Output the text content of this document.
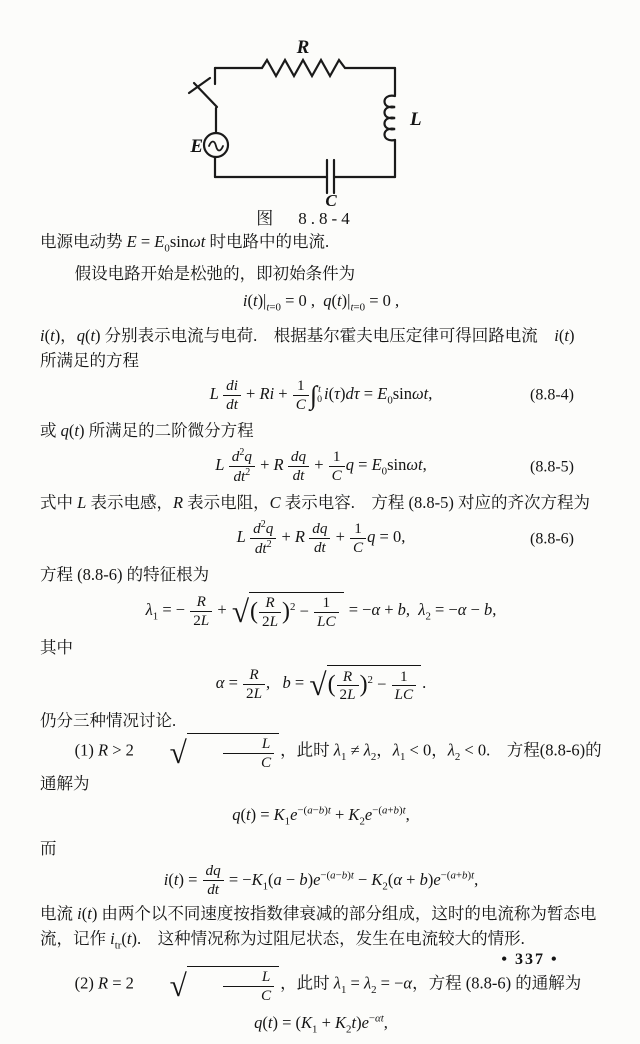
R
L
C
E
图　8.8-4

电源电动势 $E = E_0\sin\omega t$ 时电路中的电流.

假设电路开始是松弛的，即初始条件为

$i(t)|_{t=0} = 0$ ,  $q(t)|_{t=0} = 0$ ,

i(t)，q(t) 分别表示电流与电荷.　根据基尔霍夫电压定律可得回路电流　i(t)

所满足的方程

L  $\frac{di}{dt} + Ri + \frac{1}{C}$ ∫ t
0 $i(\tau)d\tau = E_0\sin\omega t$,	(8.8-4)

或 q(t) 所满足的二阶微分方程

L  $\frac{d^2q}{dt^2} + R \frac{dq}{dt} + \frac{1}{C}$ $q = E_0\sin\omega t$,	(8.8-5)

式中 L 表示电感，R 表示电阻，C 表示电容.　方程 (8.8-5) 对应的齐次方程为

L  $\frac{d^2q}{dt^2} + R \frac{dq}{dt} + \frac{1}{C}$ q = 0,	(8.8-6)

方程 (8.8-6) 的特征根为

$\lambda_1$ = − $\frac{R}{2L}$ + √ ( $\frac{R}{2L} )^2 - \frac{1}{LC} = -\alpha + b$,  $\lambda_2 = -\alpha - b$,

其中

$\alpha = \frac{R}{2L}$ ,   b = √ ( $\frac{R}{2L} )^2 - \frac{1}{LC}$ .

仍分三种情况讨论.

(1) R > 2	√ $\frac{L}{C}$ ，此时 $\lambda_1 \ne \lambda_2$，$\lambda_1 < 0$，$\lambda_2 < 0$.　方程(8.8-6)的通解为

$q(t) = K_1e^{-(a-b)t} + K_2e^{-(a+b)t}$,

而

$i(t) = \frac{dq}{dt} = -K_1(a - b)e^{-(a-b)t} - K_2(\alpha + b)e^{-(a+b)t}$,

电流 i(t) 由两个以不同速度按指数律衰减的部分组成，这时的电流称为暂态电
流，记作 $i_{tr}(t)$.　这种情况称为过阻尼状态，发生在电流较大的情形.

(2) R = 2	√ $\frac{L}{C}$ ，此时 $\lambda_1 = \lambda_2 = -\alpha$，方程 (8.8-6) 的通解为

$q(t) = (K_1 + K_2t)e^{-\alpha t}$,
• 337 •
